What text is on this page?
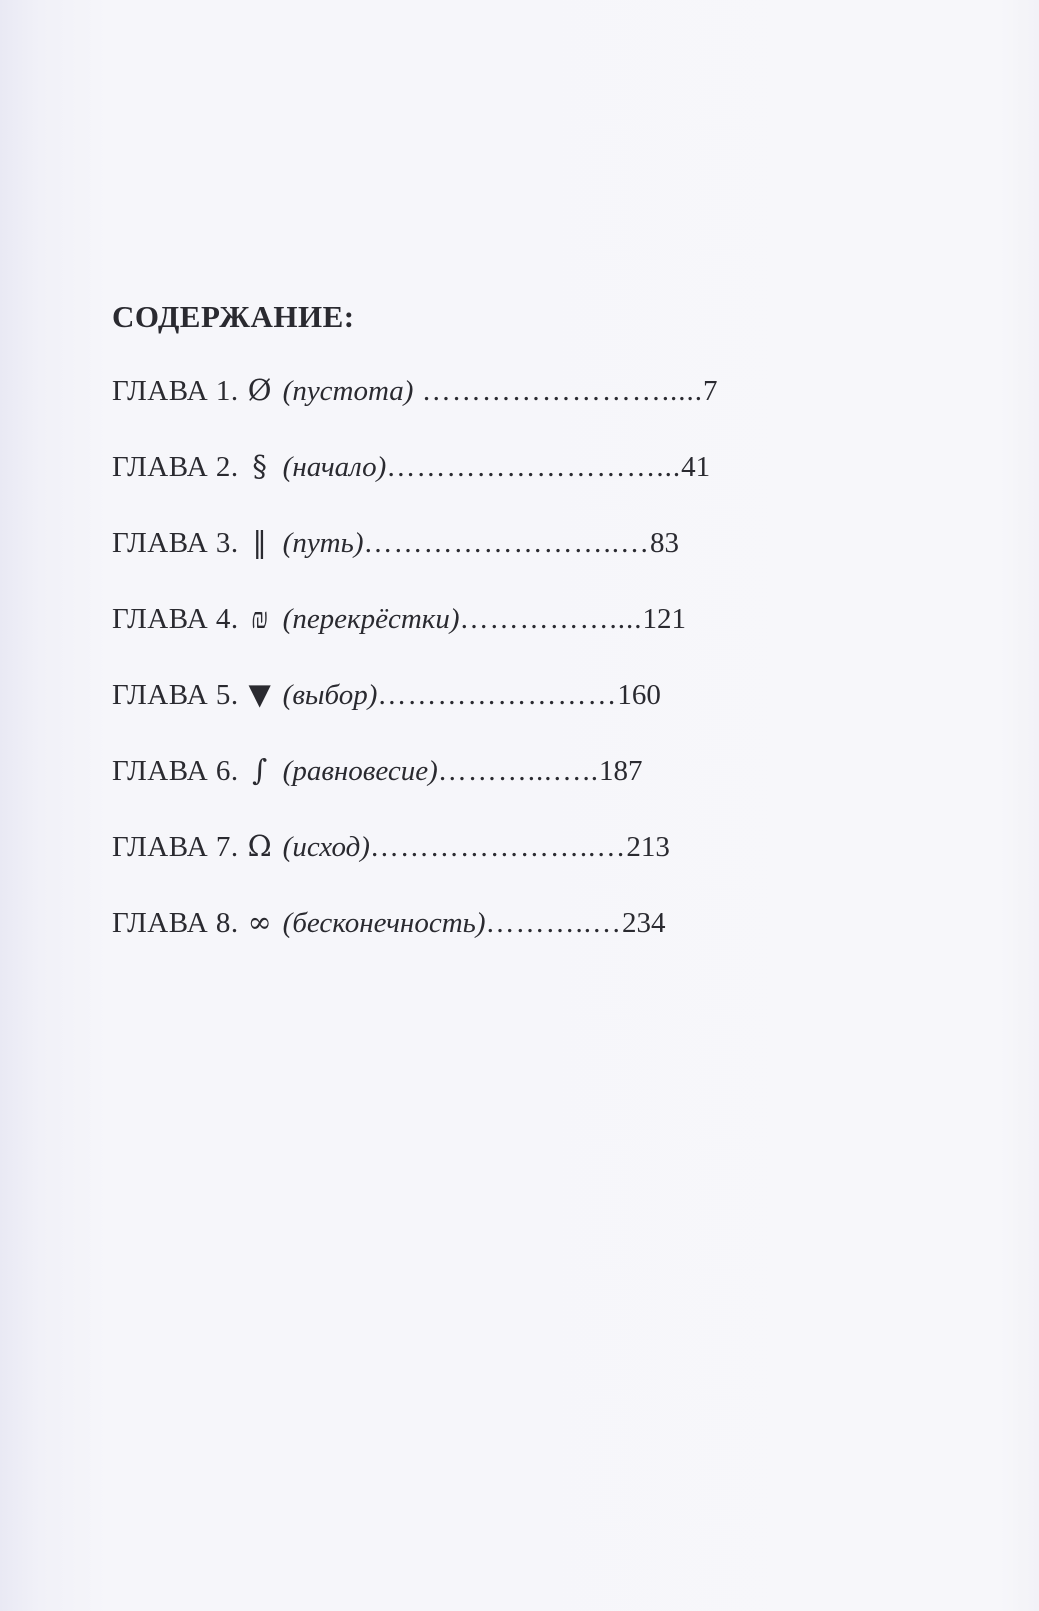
СОДЕРЖАНИЕ:
ГЛАВА 1. Ø (пустота) …………………….....7
ГЛАВА 2. § (начало)………………………...41
ГЛАВА 3. ‖ (путь)……………………..…83
ГЛАВА 4. ₪ (перекрёстки)……………....121
ГЛАВА 5. ▼ (выбор)……………………160
ГЛАВА 6. ∫ (равновесие)………...…..187
ГЛАВА 7. Ω (исход)…………………..…213
ГЛАВА 8. ∞ (бесконечность)………..…234
